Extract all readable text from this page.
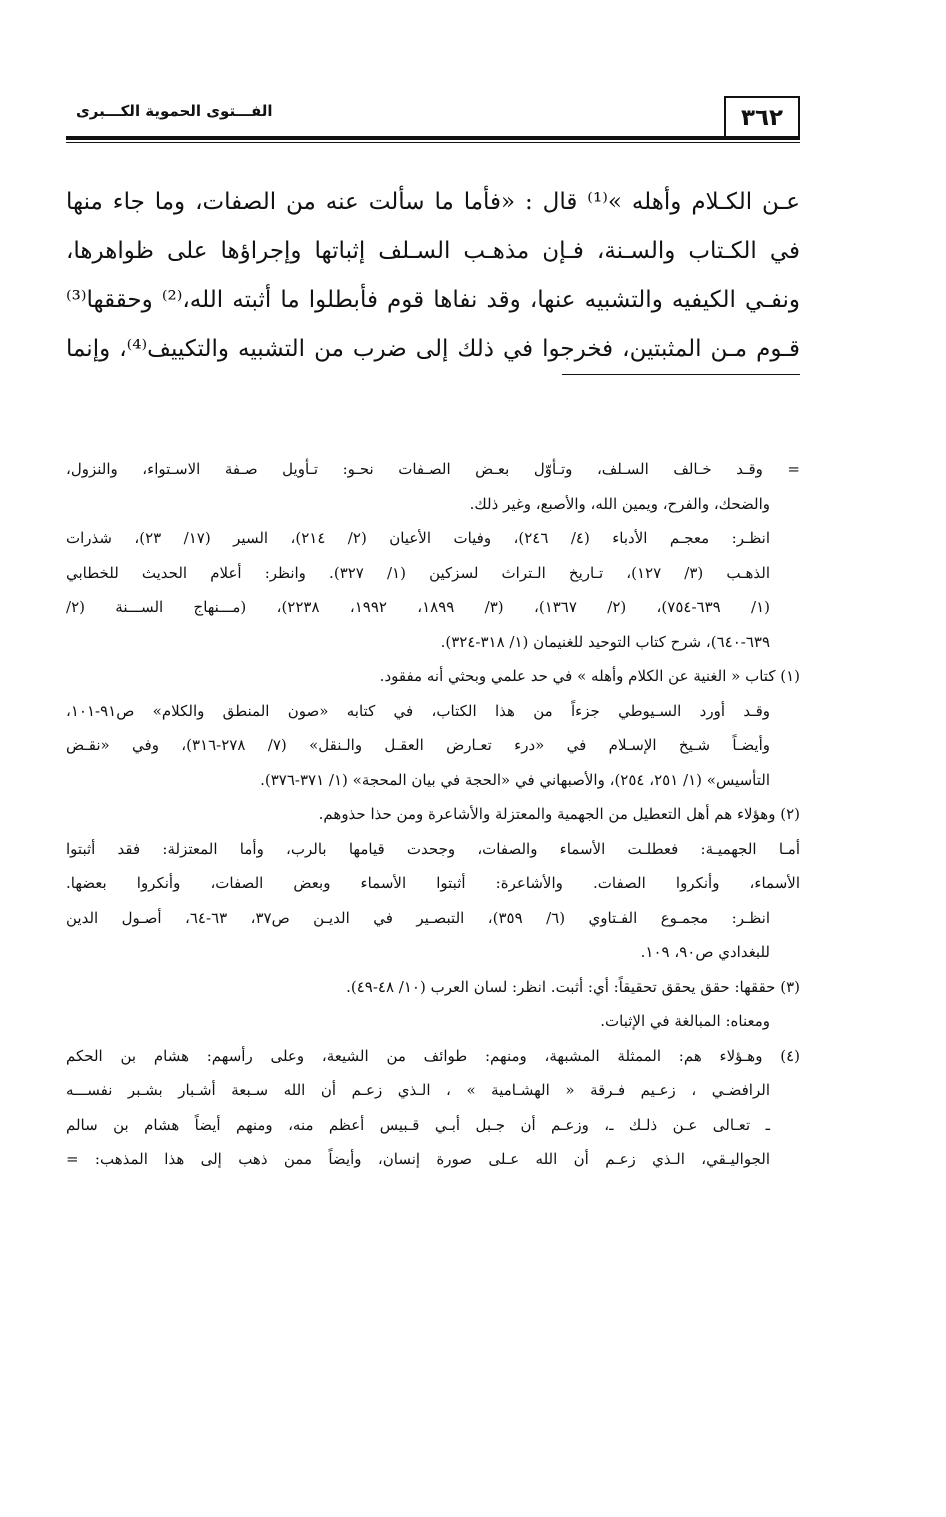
٣٦٢
الفـــتوى الحموية الكـــبرى
عـن الكـلام وأهله »⁽¹⁾ قال : «فأما ما سألت عنه من الصفات، وما جاء منها
في الكـتاب والسـنة، فـإن مذهـب السـلف إثباتها وإجراؤها على ظواهرها،
ونفـي الكيفيه والتشبيه عنها، وقد نفاها قوم فأبطلوا ما أثبته الله،⁽²⁾ وحققها⁽³⁾
قـوم مـن المثبتين، فخرجوا في ذلك إلى ضرب من التشبيه والتكييف⁽⁴⁾، وإنما
= وقـد خـالف السـلف، وتـأوّل بعـض الصـفات نحـو: تـأويل صـفة الاسـتواء، والنزول،
والضحك، والفرح، ويمين الله، والأصبع، وغير ذلك.
انظـر: معجـم الأدباء (٤/ ٢٤٦)، وفيات الأعيان (٢/ ٢١٤)، السير (١٧/ ٢٣)، شذرات
الذهـب (٣/ ١٢٧)، تـاريخ الـتراث لسزكين (١/ ٣٢٧). وانظر: أعلام الحديث للخطابي
(١/ ٦٣٩-٧٥٤)، (٢/ ١٣٦٧)، (٣/ ١٨٩٩، ١٩٩٢، ٢٢٣٨)، (مـــنهاج الســـنة (٢/
٦٣٩-٦٤٠)، شرح كتاب التوحيد للغنيمان (١/ ٣١٨-٣٢٤).
(١) كتاب « الغنية عن الكلام وأهله » في حد علمي وبحثي أنه مفقود.
وقـد أورد السـيوطي جزءاً من هذا الكتاب، في كتابه «صون المنطق والكلام» ص٩١-١٠١،
وأيضـاً شـيخ الإسـلام في «درء تعـارض العقـل والـنقل» (٧/ ٢٧٨-٣١٦)، وفي «نقـض
التأسيس» (١/ ٢٥١، ٢٥٤)، والأصبهاني في «الحجة في بيان المحجة» (١/ ٣٧١-٣٧٦).
(٢) وهؤلاء هم أهل التعطيل من الجهمية والمعتزلة والأشاعرة ومن حذا حذوهم.
أمـا الجهميـة: فعطلـت الأسماء والصفات، وجحدت قيامها بالرب، وأما المعتزلة: فقد أثبتوا
الأسماء، وأنكروا الصفات. والأشاعرة: أثبتوا الأسماء وبعض الصفات، وأنكروا بعضها.
انظـر: مجمـوع الفـتاوي (٦/ ٣٥٩)، التبصـير في الديـن ص٣٧، ٦٣-٦٤، أصـول الدين
للبغدادي ص٩٠، ١٠٩.
(٣) حققها: حقق يحقق تحقيقاً: أي: أثبت. انظر: لسان العرب (١٠/ ٤٨-٤٩).
ومعناه: المبالغة في الإثبات.
(٤) وهـؤلاء هم: الممثلة المشبهة، ومنهم: طوائف من الشيعة، وعلى رأسهم: هشام بن الحكم
الرافضـي ، زعـيم فـرقة « الهشـامية » ، الـذي زعـم أن الله سـبعة أشـبار بشـبر نفســـه
ـ تعـالى عـن ذلـك ـ، وزعـم أن جـبل أبـي قـبيس أعظم منه، ومنهم أيضاً هشام بن سالم
الجواليـقي، الـذي زعـم أن الله عـلى صورة إنسان، وأيضاً ممن ذهب إلى هذا المذهب: =
